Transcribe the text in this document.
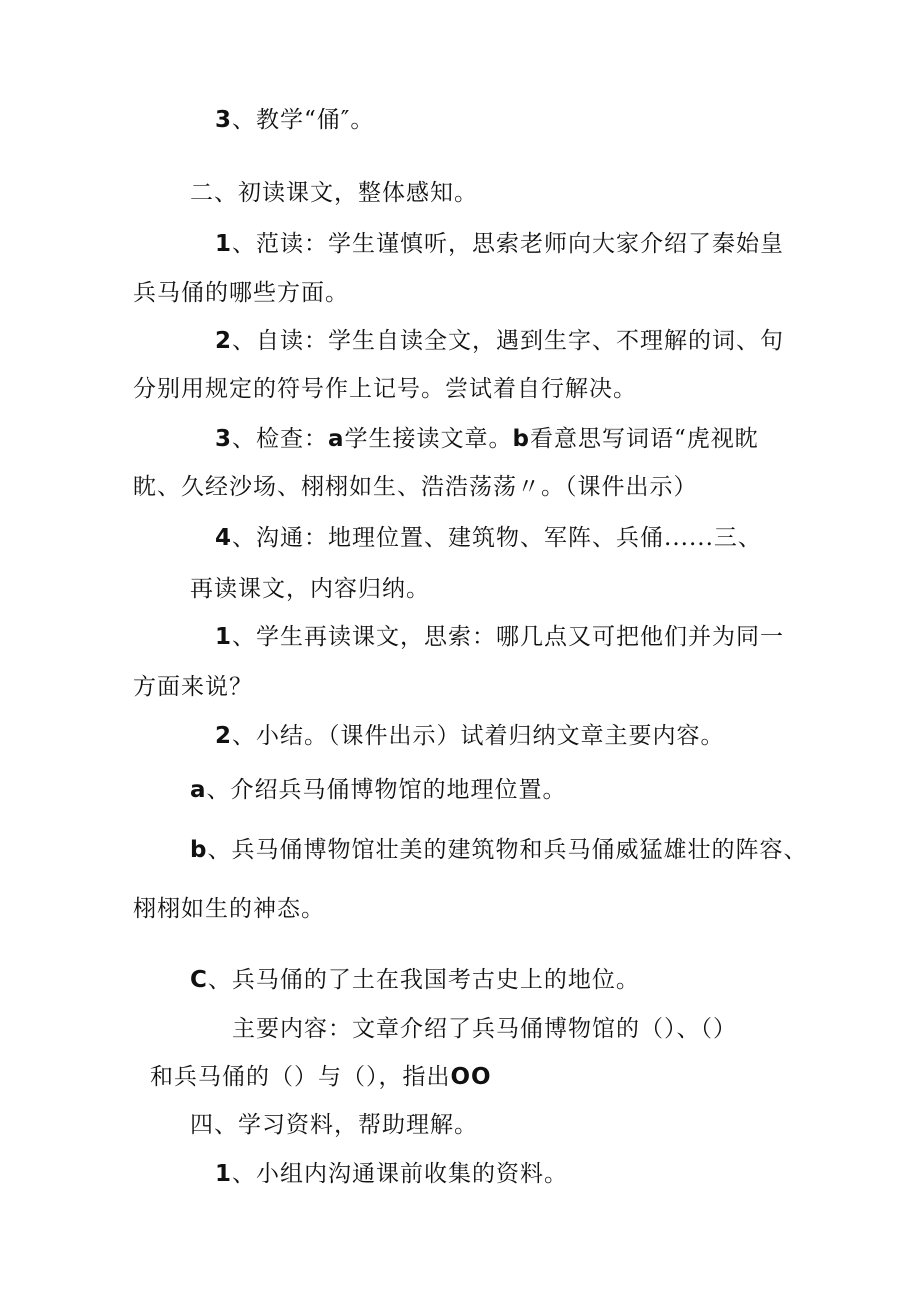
3、教学“俑″。
二、初读课文，整体感知。
1、范读：学生谨慎听，思索老师向大家介绍了秦始皇
兵马俑的哪些方面。
2、自读：学生自读全文，遇到生字、不理解的词、句
分别用规定的符号作上记号。尝试着自行解决。
3、检查：a学生接读文章。b看意思写词语“虎视眈
眈、久经沙场、栩栩如生、浩浩荡荡〃。（课件出示）
4、沟通：地理位置、建筑物、军阵、兵俑......三、
再读课文，内容归纳。
1、学生再读课文，思索：哪几点又可把他们并为同一
方面来说？
2、小结。（课件出示）试着归纳文章主要内容。
a、介绍兵马俑博物馆的地理位置。
b、兵马俑博物馆壮美的建筑物和兵马俑威猛雄壮的阵容、
栩栩如生的神态。
C、兵马俑的了土在我国考古史上的地位。
主要内容：文章介绍了兵马俑博物馆的（）、（）
和兵马俑的（）与（），指出OO
四、学习资料，帮助理解。
1、小组内沟通课前收集的资料。
